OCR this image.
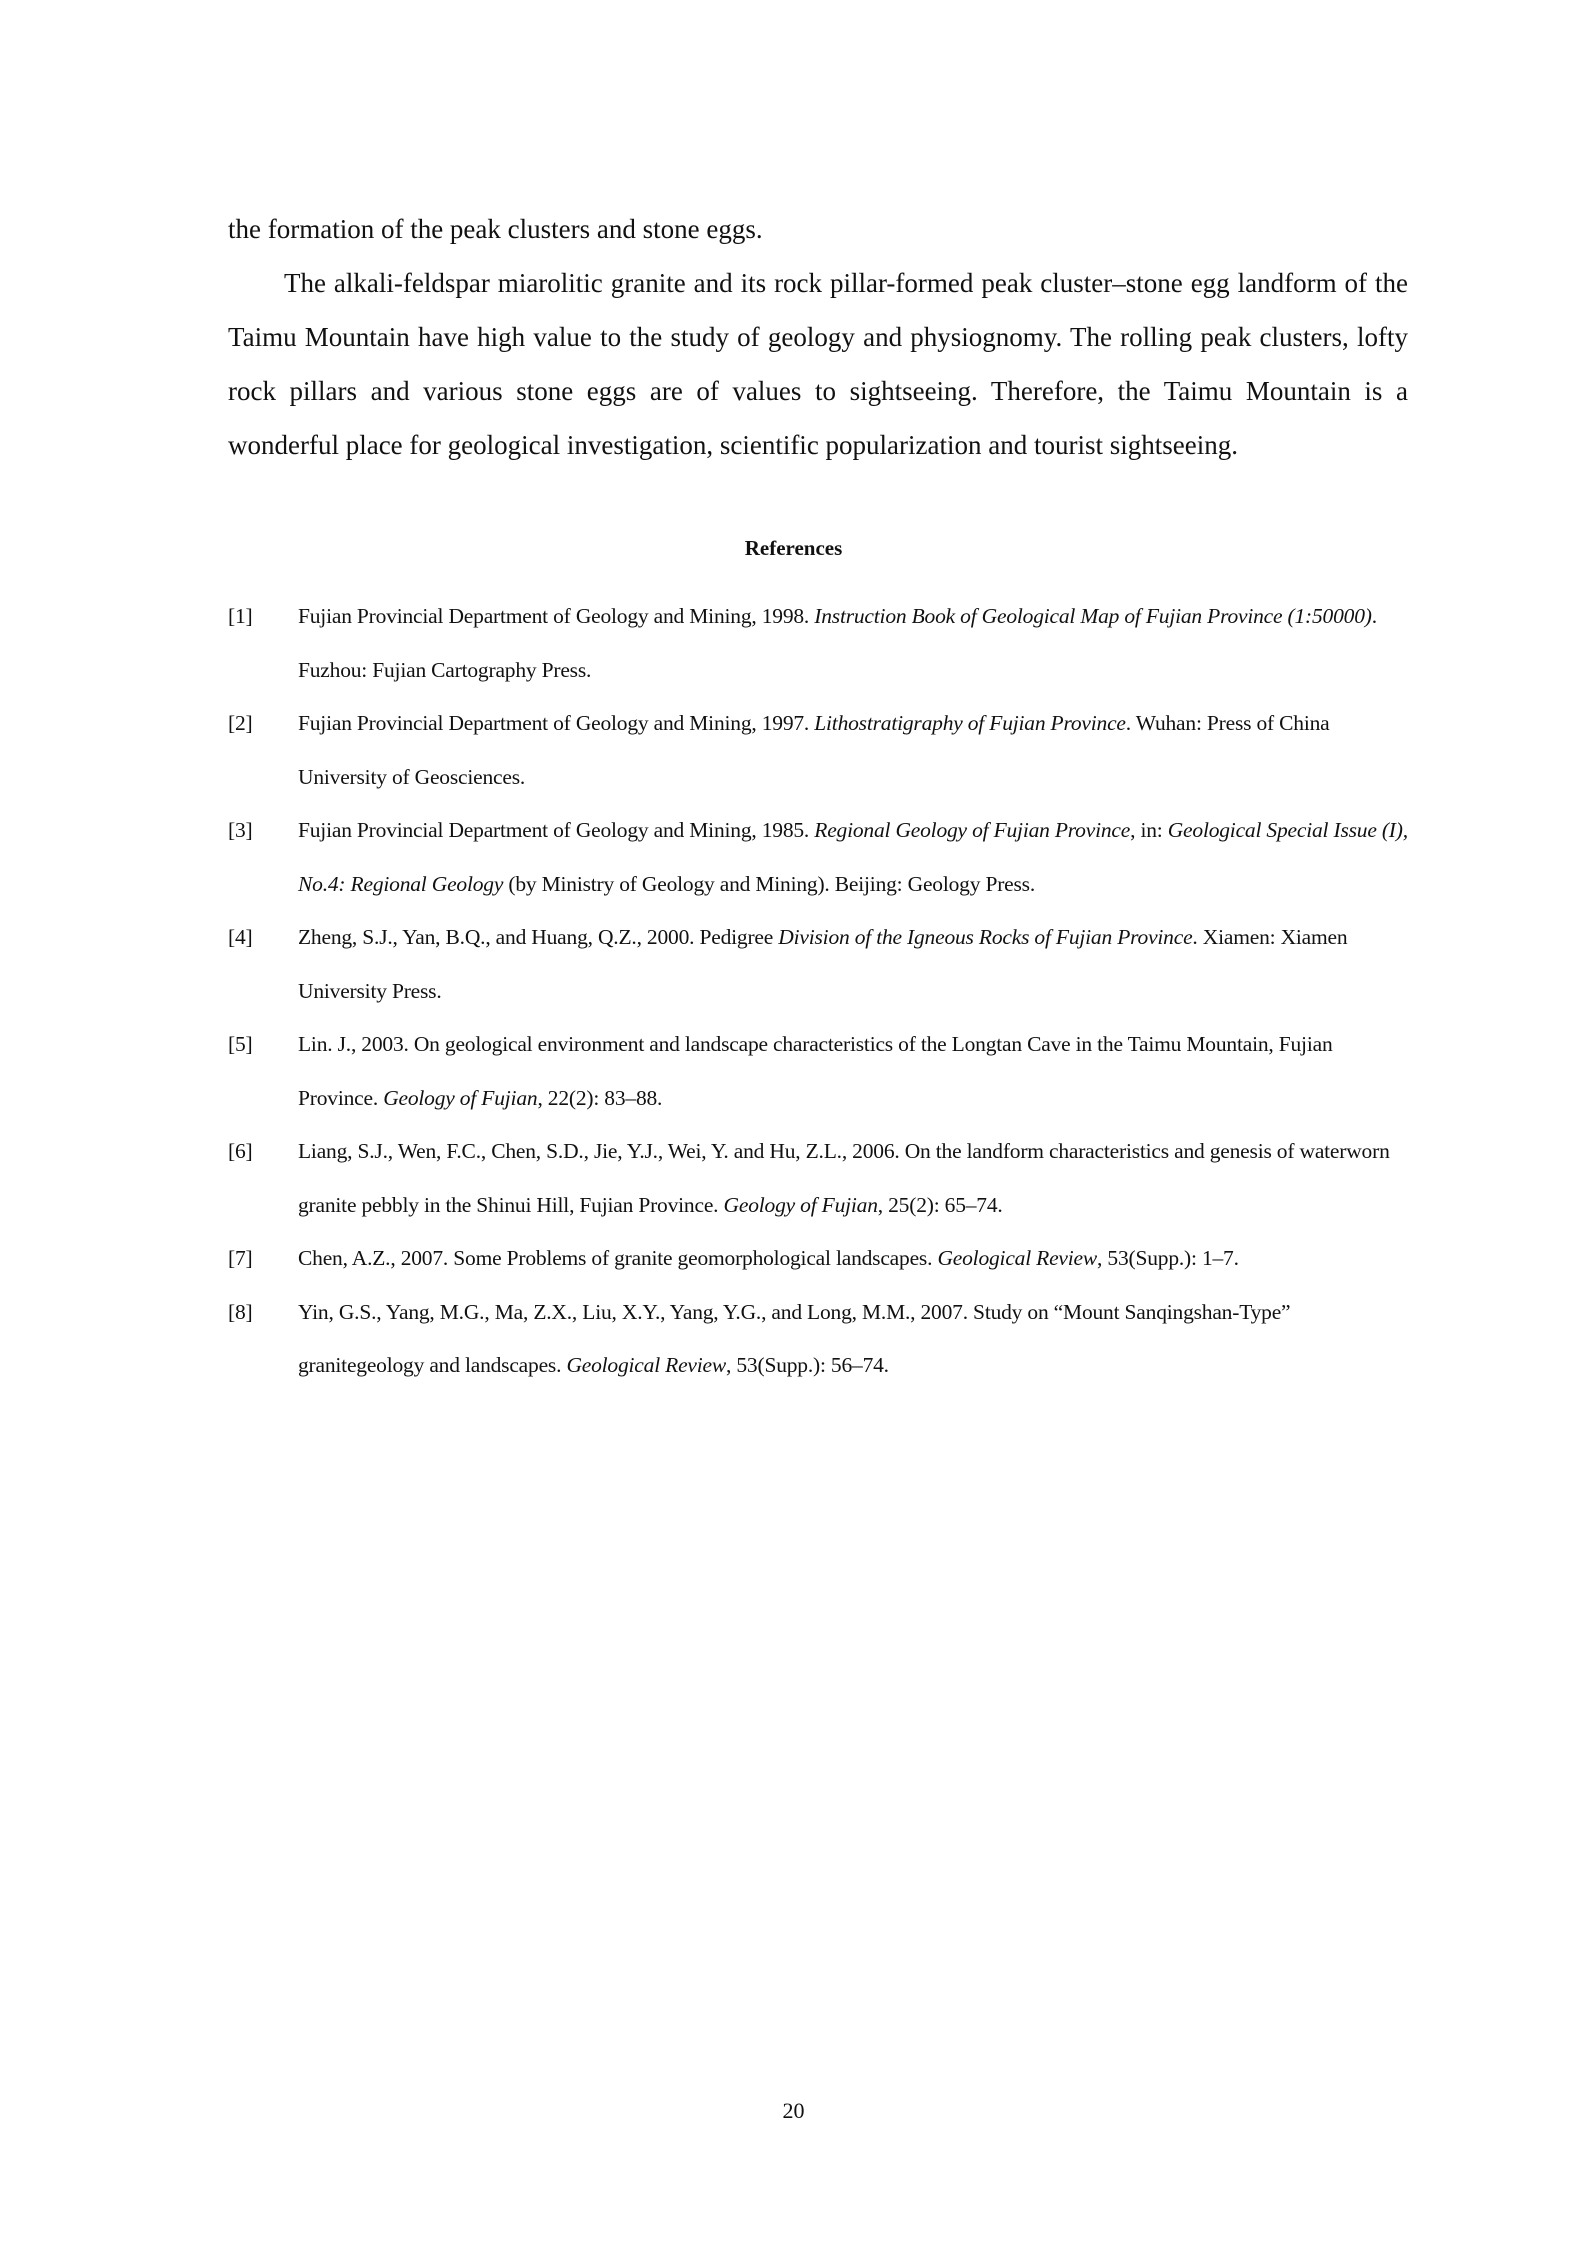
the formation of the peak clusters and stone eggs.

The alkali-feldspar miarolitic granite and its rock pillar-formed peak cluster–stone egg landform of the Taimu Mountain have high value to the study of geology and physiognomy. The rolling peak clusters, lofty rock pillars and various stone eggs are of values to sightseeing. Therefore, the Taimu Mountain is a wonderful place for geological investigation, scientific popularization and tourist sightseeing.

References
[1]	Fujian Provincial Department of Geology and Mining, 1998. Instruction Book of Geological Map of Fujian Province (1:50000). Fuzhou: Fujian Cartography Press.
[2]	Fujian Provincial Department of Geology and Mining, 1997. Lithostratigraphy of Fujian Province. Wuhan: Press of China University of Geosciences.
[3]	Fujian Provincial Department of Geology and Mining, 1985. Regional Geology of Fujian Province, in: Geological Special Issue (I), No.4: Regional Geology (by Ministry of Geology and Mining). Beijing: Geology Press.
[4]	Zheng, S.J., Yan, B.Q., and Huang, Q.Z., 2000. Pedigree Division of the Igneous Rocks of Fujian Province. Xiamen: Xiamen University Press.
[5]	Lin. J., 2003. On geological environment and landscape characteristics of the Longtan Cave in the Taimu Mountain, Fujian Province. Geology of Fujian, 22(2): 83–88.
[6]	Liang, S.J., Wen, F.C., Chen, S.D., Jie, Y.J., Wei, Y. and Hu, Z.L., 2006. On the landform characteristics and genesis of waterworn granite pebbly in the Shinui Hill, Fujian Province. Geology of Fujian, 25(2): 65–74.
[7]	Chen, A.Z., 2007. Some Problems of granite geomorphological landscapes. Geological Review, 53(Supp.): 1–7.
[8]	Yin, G.S., Yang, M.G., Ma, Z.X., Liu, X.Y., Yang, Y.G., and Long, M.M., 2007. Study on “Mount Sanqingshan-Type” granitegeology and landscapes. Geological Review, 53(Supp.): 56–74.
20
